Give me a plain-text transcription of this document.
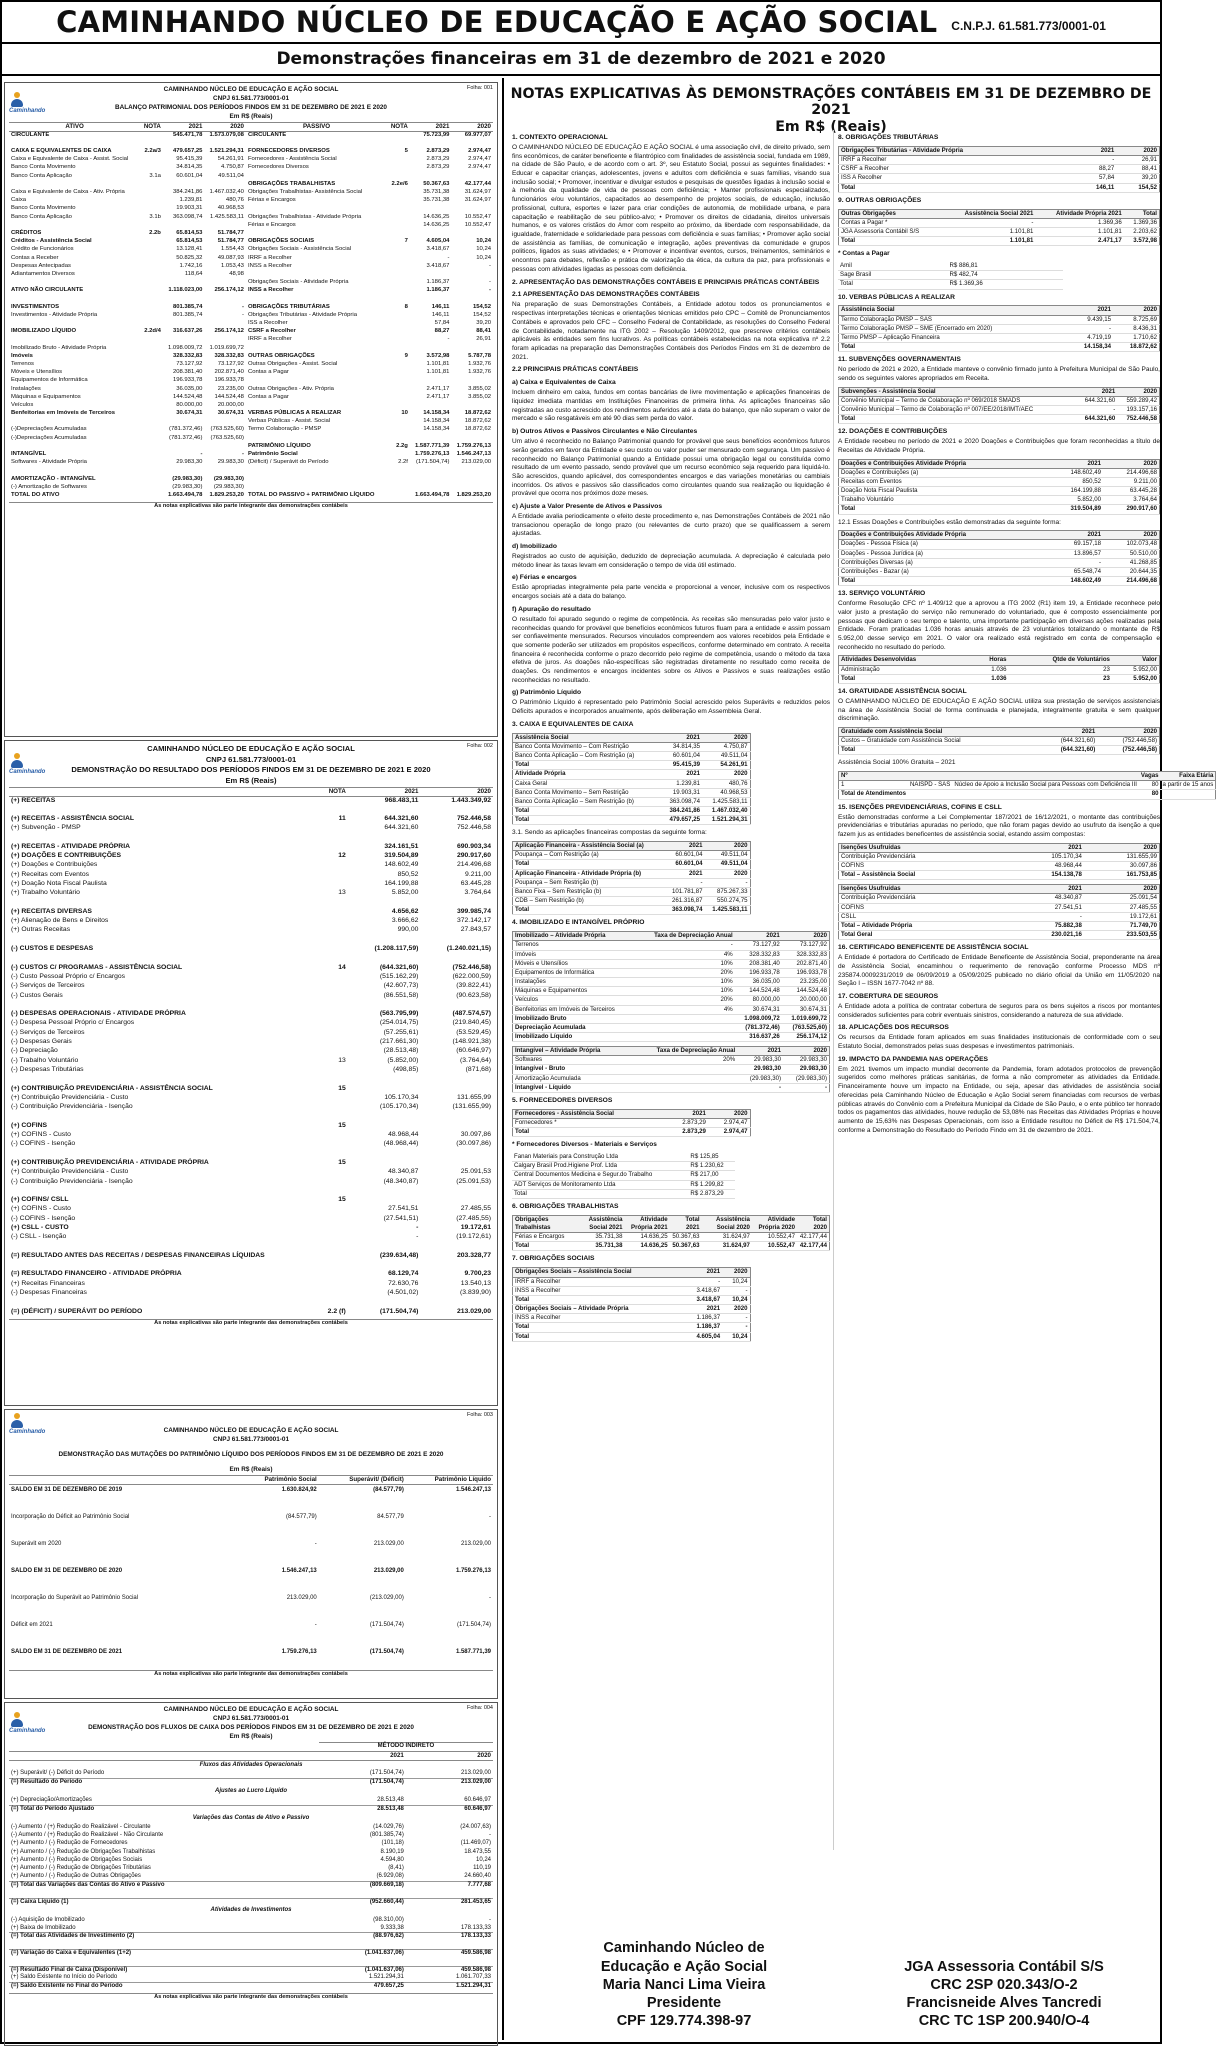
CAMINHANDO NÚCLEO DE EDUCAÇÃO E AÇÃO SOCIAL C.N.P.J. 61.581.773/0001-01
Demonstrações financeiras em 31 de dezembro de 2021 e 2020
Folha: 001
Caminhando
CAMINHANDO NÚCLEO DE EDUCAÇÃO E AÇÃO SOCIAL
CNPJ 61.581.773/0001-01
BALANÇO PATRIMONIAL DOS PERÍODOS FINDOS EM 31 DE DEZEMBRO DE 2021 E 2020
Em R$ (Reais)
ATIVO	NOTA	2021	2020	PASSIVO	NOTA	2021	2020
CIRCULANTE		545.471,78	1.573.079,08	CIRCULANTE		75.723,99	69.977,07

CAIXA E EQUIVALENTES DE CAIXA	2.2a/3	479.657,25	1.521.294,31	FORNECEDORES DIVERSOS	5	2.873,29	2.974,47
Caixa e Equivalente de Caixa - Assist. Social		95.415,39	54.261,91	Fornecedores - Assistência Social		2.873,29	2.974,47
Banco Conta Movimento		34.814,35	4.750,87	Fornecedores Diversos		2.873,29	2.974,47
Banco Conta Aplicação	3.1a	60.601,04	49.511,04				
				OBRIGAÇÕES TRABALHISTAS	2.2e/6	50.367,63	42.177,44
Caixa e Equivalente de Caixa - Ativ. Própria		384.241,86	1.467.032,40	Obrigações Trabalhistas- Assistência Social		35.731,38	31.624,97
Caixa		1.239,81	480,76	Férias e Encargos		35.731,38	31.624,97
Banco Conta Movimento		19.903,31	40.968,53				
Banco Conta Aplicação	3.1b	363.098,74	1.425.583,11	Obrigações Trabalhistas - Atividade Própria		14.636,25	10.552,47
				Férias e Encargos		14.636,25	10.552,47
CRÉDITOS	2.2b	65.814,53	51.784,77				
Créditos - Assistência Social		65.814,53	51.784,77	OBRIGAÇÕES SOCIAIS	7	4.605,04	10,24
Crédito de Funcionários		13.128,41	1.554,43	Obrigações Sociais - Assistência Social		3.418,67	10,24
Contas a Receber		50.825,32	49.087,93	IRRF a Recolher		-	10,24
Despesas Antecipadas		1.742,16	1.053,43	INSS a Recolher		3.418,67	-
Adiantamentos Diversos		118,64	48,98				
				Obrigações Sociais - Atividade Própria		1.186,37	-
ATIVO NÃO CIRCULANTE		1.118.023,00	256.174,12	INSS a Recolher		1.186,37	-

INVESTIMENTOS		801.385,74	-	OBRIGAÇÕES TRIBUTÁRIAS	8	146,11	154,52
Investimentos - Atividade Própria		801.385,74	-	Obrigações Tributárias - Atividade Própria		146,11	154,52
				ISS a Recolher		57,84	39,20
IMOBILIZADO LÍQUIDO	2.2d/4	316.637,26	256.174,12	CSRF a Recolher		88,27	88,41
				IRRF a Recolher		-	26,91
Imobilizado Bruto - Atividade Própria		1.098.009,72	1.019.699,72				
Imóveis		328.332,83	328.332,83	OUTRAS OBRIGAÇÕES	9	3.572,98	5.787,78
Terrenos		73.127,92	73.127,92	Outras Obrigações - Assist. Social		1.101,81	1.932,76
Móveis e Utensílios		208.381,40	202.871,40	Contas a Pagar		1.101,81	1.932,76
Equipamentos de Informática		196.933,78	196.933,78				
Instalações		36.035,00	23.235,00	Outras Obrigações - Ativ. Própria		2.471,17	3.855,02
Máquinas e Equipamentos		144.524,48	144.524,48	Contas a Pagar		2.471,17	3.855,02
Veículos		80.000,00	20.000,00				
Benfeitorias em Imóveis de Terceiros		30.674,31	30.674,31	VERBAS PÚBLICAS A REALIZAR	10	14.158,34	18.872,62
				Verbas Públicas - Assist. Social		14.158,34	18.872,62
(-)Depreciações Acumuladas		(781.372,46)	(763.525,60)	Termo Colaboração - PMSP		14.158,34	18.872,62
(-)Depreciações Acumuladas		(781.372,46)	(763.525,60)				
				PATRIMÔNIO LÍQUIDO	2.2g	1.587.771,39	1.759.276,13
INTANGÍVEL		-	-	Patrimônio Social		1.759.276,13	1.546.247,13
Softwares - Atividade Própria		29.983,30	29.983,30	(Déficit) / Superávit do Período	2.2f	(171.504,74)	213.029,00

AMORTIZAÇÃO - INTANGÍVEL		(29.983,30)	(29.983,30)				
(-) Amortização de Softwares		(29.983,30)	(29.983,30)				
TOTAL DO ATIVO		1.663.494,78	1.829.253,20	TOTAL DO PASSIVO + PATRIMÔNIO LÍQUIDO		1.663.494,78	1.829.253,20
As notas explicativas são parte integrante das demonstrações contábeis
Folha: 002
Caminhando
CAMINHANDO NÚCLEO DE EDUCAÇÃO E AÇÃO SOCIAL
CNPJ 61.581.773/0001-01
DEMONSTRAÇÃO DO RESULTADO DOS PERÍODOS FINDOS EM 31 DE DEZEMBRO DE 2021 E 2020
Em R$ (Reais)
	NOTA	2021	2020
(+) RECEITAS		968.483,11	1.443.349,92

(+) RECEITAS - ASSISTÊNCIA SOCIAL	11	644.321,60	752.446,58
(+) Subvenção - PMSP		644.321,60	752.446,58

(+) RECEITAS - ATIVIDADE PRÓPRIA		324.161,51	690.903,34
(+) DOAÇÕES E CONTRIBUIÇÕES	12	319.504,89	290.917,60
(+) Doações e Contribuições		148.602,49	214.496,68
(+) Receitas com Eventos		850,52	9.211,00
(+) Doação Nota Fiscal Paulista		164.199,88	63.445,28
(+) Trabalho Voluntário	13	5.852,00	3.764,64

(+) RECEITAS DIVERSAS		4.656,62	399.985,74
(+) Alienação de Bens e Direitos		3.666,62	372.142,17
(+) Outras Receitas		990,00	27.843,57

(-) CUSTOS E DESPESAS		(1.208.117,59)	(1.240.021,15)

(-) CUSTOS C/ PROGRAMAS - ASSISTÊNCIA SOCIAL	14	(644.321,60)	(752.446,58)
(-) Custo Pessoal Próprio c/ Encargos		(515.162,29)	(622.000,59)
(-) Serviços de Terceiros		(42.607,73)	(39.822,41)
(-) Custos Gerais		(86.551,58)	(90.623,58)

(-) DESPESAS OPERACIONAIS - ATIVIDADE PRÓPRIA		(563.795,99)	(487.574,57)
(-) Despesa Pessoal Próprio c/ Encargos		(254.014,75)	(219.840,45)
(-) Serviços de Terceiros		(57.255,61)	(53.529,45)
(-) Despesas Gerais		(217.661,30)	(148.921,38)
(-) Depreciação		(28.513,48)	(60.646,97)
(-) Trabalho Voluntário	13	(5.852,00)	(3.764,64)
(-) Despesas Tributárias		(498,85)	(871,68)

(+) CONTRIBUIÇÃO PREVIDENCIÁRIA - ASSISTÊNCIA SOCIAL	15		
(+) Contribuição Previdenciária - Custo		105.170,34	131.655,99
(-) Contribuição Previdenciária - Isenção		(105.170,34)	(131.655,99)

(+) COFINS	15		
(+) COFINS - Custo		48.968,44	30.097,86
(-) COFINS - Isenção		(48.968,44)	(30.097,86)

(+) CONTRIBUIÇÃO PREVIDENCIÁRIA - ATIVIDADE PRÓPRIA	15		
(+) Contribuição Previdenciária - Custo		48.340,87	25.091,53
(-) Contribuição Previdenciária - Isenção		(48.340,87)	(25.091,53)

(+) COFINS/ CSLL	15		
(+) COFINS - Custo		27.541,51	27.485,55
(-) COFINS - Isenção		(27.541,51)	(27.485,55)
(+) CSLL - CUSTO		-	19.172,61
(-) CSLL - Isenção		-	(19.172,61)

(=) RESULTADO ANTES DAS RECEITAS / DESPESAS FINANCEIRAS LÍQUIDAS		(239.634,48)	203.328,77

(=) RESULTADO FINANCEIRO - ATIVIDADE PRÓPRIA		68.129,74	9.700,23
(+) Receitas Financeiras		72.630,76	13.540,13
(-) Despesas Financeiras		(4.501,02)	(3.839,90)

(=) (DÉFICIT) / SUPERÁVIT DO PERÍODO	2.2 (f)	(171.504,74)	213.029,00
As notas explicativas são parte integrante das demonstrações contábeis
Folha: 003
Caminhando	CAMINHANDO NÚCLEO DE EDUCAÇÃO E AÇÃO SOCIAL
CNPJ 61.581.773/0001-01
DEMONSTRAÇÃO DAS MUTAÇÕES DO PATRIMÔNIO LÍQUIDO DOS PERÍODOS FINDOS EM 31 DE DEZEMBRO DE 2021 E 2020
Em R$ (Reais)
	Patrimônio Social	Superávit/ (Déficit)	Patrimônio Líquido
SALDO EM 31 DE DEZEMBRO DE 2019	1.630.824,92	(84.577,79)	1.546.247,13

Incorporação do Déficit ao Patrimônio Social	(84.577,79)	84.577,79	-

Superávit em 2020	-	213.029,00	213.029,00

SALDO EM 31 DE DEZEMBRO DE 2020	1.546.247,13	213.029,00	1.759.276,13

Incorporação do Superávit ao Patrimônio Social	213.029,00	(213.029,00)	-

Déficit em 2021	-	(171.504,74)	(171.504,74)

SALDO EM 31 DE DEZEMBRO DE 2021	1.759.276,13	(171.504,74)	1.587.771,39
As notas explicativas são parte integrante das demonstrações contábeis
Folha: 004
Caminhando
CAMINHANDO NÚCLEO DE EDUCAÇÃO E AÇÃO SOCIAL
CNPJ 61.581.773/0001-01
DEMONSTRAÇÃO DOS FLUXOS DE CAIXA DOS PERÍODOS FINDOS EM 31 DE DEZEMBRO DE 2021 E 2020
Em R$ (Reais)
	MÉTODO INDIRETO	
	2021	2020
Fluxos das Atividades Operacionais		
(+) Superávit/ (-) Déficit do Período	(171.504,74)	213.029,00
(=) Resultado do Período	(171.504,74)	213.029,00
Ajustes ao Lucro Líquido		
(+) Depreciação/Amortizações	28.513,48	60.646,97
(=) Total do Período Ajustado	28.513,48	60.646,97
Variações das Contas de Ativo e Passivo		
(-) Aumento / (+) Redução do Realizável - Circulante	(14.029,76)	(24.007,63)
(-) Aumento / (+) Redução do Realizável - Não Circulante	(801.385,74)	-
(+) Aumento / (-) Redução de Fornecedores	(101,18)	(11.469,07)
(+) Aumento / (-) Redução de Obrigações Trabalhistas	8.190,19	18.473,55
(+) Aumento / (-) Redução de Obrigações Sociais	4.594,80	10,24
(+) Aumento / (-) Redução de Obrigações Tributárias	(8,41)	110,19
(+) Aumento / (-) Redução de Outras Obrigações	(6.929,08)	24.660,40
(=) Total das Variações das Contas do Ativo e Passivo	(809.669,18)	7.777,68

(=) Caixa Líquido (1)	(952.660,44)	281.453,65
Atividades de Investimentos		
(-) Aquisição de Imobilizado	(98.310,00)	-
(+) Baixa de Imobilizado	9.333,38	178.133,33
(=) Total das Atividades de Investimento (2)	(88.976,62)	178.133,33

(=) Variação do Caixa e Equivalentes (1+2)	(1.041.637,06)	459.586,98

(=) Resultado Final de Caixa (Disponível)	(1.041.637,06)	459.586,98
(+) Saldo Existente no Início do Período	1.521.294,31	1.061.707,33
(=) Saldo Existente no Final do Período	479.657,25	1.521.294,31
As notas explicativas são parte integrante das demonstrações contábeis
NOTAS EXPLICATIVAS ÀS DEMONSTRAÇÕES CONTÁBEIS EM 31 DE DEZEMBRO DE 2021
Em R$ (Reais)
1. CONTEXTO OPERACIONAL

O CAMINHANDO NÚCLEO DE EDUCAÇÃO E AÇÃO SOCIAL é uma associação civil, de direito privado, sem fins econômicos, de caráter beneficente e filantrópico com finalidades de assistência social, fundada em 1989, na cidade de São Paulo, e de acordo com o art. 3º, seu Estatuto Social, possui as seguintes finalidades: • Educar e capacitar crianças, adolescentes, jovens e adultos com deficiência e suas famílias, visando sua inclusão social; • Promover, incentivar e divulgar estudos e pesquisas de questões ligadas à inclusão social e à melhoria da qualidade de vida de pessoas com deficiência; • Manter profissionais especializados, funcionários e/ou voluntários, capacitados ao desempenho de projetos sociais, de educação, inclusão profissional, cultura, esportes e lazer para criar condições de autonomia, de mobilidade urbana, e para capacitação e reabilitação de seu público-alvo; • Promover os direitos de cidadania, direitos universais humanos, e os valores cristãos do Amor com respeito ao próximo, da liberdade com responsabilidade, da igualdade, fraternidade e solidariedade para pessoas com deficiência e suas famílias; • Promover ação social de assistência as famílias, de comunicação e integração, ações preventivas da comunidade e grupos politicos, ligados as suas atividades; e • Promover e incentivar eventos, cursos, treinamentos, seminários e encontros para debates, reflexão e prática de valorização da ética, da cultura da paz, para profissionais e pessoas com atividades ligadas as pessoas com deficiência.

2. APRESENTAÇÃO DAS DEMONSTRAÇÕES CONTÁBEIS E PRINCIPAIS PRÁTICAS CONTÁBEIS
2.1 APRESENTAÇÃO DAS DEMONSTRAÇÕES CONTÁBEIS

Na preparação de suas Demonstrações Contábeis, a Entidade adotou todos os pronunciamentos e respectivas interpretações técnicas e orientações técnicas emitidos pelo CPC – Comitê de Pronunciamentos Contábeis e aprovados pelo CFC – Conselho Federal de Contabilidade, as resoluções do Conselho Federal de Contabilidade, notadamente na ITG 2002 – Resolução 1409/2012, que prescreve critérios contábeis aplicáveis às entidades sem fins lucrativos. As políticas contábeis estabelecidas na nota explicativa nº 2.2 foram aplicadas na preparação das Demonstrações Contábeis dos Períodos Findos em 31 de dezembro de 2021.

2.2 PRINCIPAIS PRÁTICAS CONTÁBEIS
a) Caixa e Equivalentes de Caixa

Incluem dinheiro em caixa, fundos em contas bancárias de livre movimentação e aplicações financeiras de liquidez imediata mantidas em Instituições Financeiras de primeira linha. As aplicações financeiras são registradas ao custo acrescido dos rendimentos auferidos até a data do balanço, que não superam o valor de mercado e são resgatáveis em até 90 dias sem perda do valor.

b) Outros Ativos e Passivos Circulantes e Não Circulantes

Um ativo é reconhecido no Balanço Patrimonial quando for provável que seus benefícios econômicos futuros serão gerados em favor da Entidade e seu custo ou valor puder ser mensurado com segurança. Um passivo é reconhecido no Balanço Patrimonial quando a Entidade possui uma obrigação legal ou constituída como resultado de um evento passado, sendo provável que um recurso econômico seja requerido para liquidá-lo. São acrescidos, quando aplicável, dos correspondentes encargos e das variações monetárias ou cambiais incorridos. Os ativos e passivos são classificados como circulantes quando sua realização ou liquidação é provável que ocorra nos próximos doze meses.

c) Ajuste a Valor Presente de Ativos e Passivos

A Entidade avalia periodicamente o efeito deste procedimento e, nas Demonstrações Contábeis de 2021 não transacionou operação de longo prazo (ou relevantes de curto prazo) que se qualificassem a serem ajustadas.

d) Imobilizado

Registrados ao custo de aquisição, deduzido de depreciação acumulada. A depreciação é calculada pelo método linear às taxas levam em consideração o tempo de vida útil estimado.

e) Férias e encargos

Estão apropriadas integralmente pela parte vencida e proporcional a vencer, inclusive com os respectivos encargos sociais até a data do balanço.

f) Apuração do resultado

O resultado foi apurado segundo o regime de competência. As receitas são mensuradas pelo valor justo e reconhecidas quando for provável que benefícios econômicos futuros fluam para a entidade e assim possam ser confiavelmente mensurados. Recursos vinculados compreendem aos valores recebidos pela Entidade e que somente poderão ser utilizados em propósitos específicos, conforme determinado em contrato. A receita financeira é reconhecida conforme o prazo decorrido pelo regime de competência, usando o método da taxa efetiva de juros. As doações não-específicas são registradas diretamente no resultado como receita de doações. Os rendimentos e encargos incidentes sobre os Ativos e Passivos e suas realizações estão reconhecidas no resultado.

g) Patrimônio Líquido

O Patrimônio Líquido é representado pelo Patrimônio Social acrescido pelos Superávits e reduzidos pelos Déficits apurados e incorporados anualmente, após deliberação em Assembleia Geral.

3. CAIXA E EQUIVALENTES DE CAIXA
Assistência Social	2021	2020
Banco Conta Movimento – Com Restrição	34.814,35	4.750,87
Banco Conta Aplicação – Com Restrição (a)	60.601,04	49.511,04
Total	95.415,39	54.261,91
Atividade Própria	2021	2020
Caixa Geral	1.239,81	480,76
Banco Conta Movimento – Sem Restrição	19.903,31	40.968,53
Banco Conta Aplicação – Sem Restrição (b)	363.098,74	1.425.583,11
Total	384.241,86	1.467.032,40
Total	479.657,25	1.521.294,31

3.1. Sendo as aplicações financeiras compostas da seguinte forma:

Aplicação Financeira - Assistência Social (a)	2021	2020
Poupança – Com Restrição (a)	60.601,04	49.511,04
Total	60.601,04	49.511,04
Aplicação Financeira - Atividade Própria (b)	2021	2020
Poupança – Sem Restrição (b)	-	-
Banco Fixa – Sem Restrição (b)	101.781,87	875.267,33
CDB – Sem Restrição (b)	261.316,87	550.274,75
Total	363.098,74	1.425.583,11
4. IMOBILIZADO E INTANGÍVEL PRÓPRIO
Imobilizado – Atividade Própria	Taxa de Depreciação Anual	2021	2020
Terrenos	-	73.127,92	73.127,92
Imóveis	4%	328.332,83	328.332,83
Móveis e Utensílios	10%	208.381,40	202.871,40
Equipamentos de Informática	20%	196.933,78	196.933,78
Instalações	10%	36.035,00	23.235,00
Máquinas e Equipamentos	10%	144.524,48	144.524,48
Veículos	20%	80.000,00	20.000,00
Benfeitorias em Imóveis de Terceiros	4%	30.674,31	30.674,31
Imobilizado Bruto		1.098.009,72	1.019.699,72
Depreciação Acumulada		(781.372,46)	(763.525,60)
Imobilizado Líquido		316.637,26	256.174,12
Intangível – Atividade Própria	Taxa de Depreciação Anual	2021	2020
Softwares	20%	29.983,30	29.983,30
Intangível - Bruto		29.983,30	29.983,30
Amortização Acumulada		(29.983,30)	(29.983,30)
Intangível - Líquido		-	-
5. FORNECEDORES DIVERSOS
Fornecedores - Assistência Social	2021	2020
Fornecedores *	2.873,29	2.974,47
Total	2.873,29	2.974,47
* Fornecedores Diversos - Materiais e Serviços
Fanan Materiais para Construção Ltda	R$ 125,85
Calgary Brasil Prod.Higiene Prof. Ltda	R$ 1.230,62
Central Documentos Medicina e Segur.do Trabalho	R$ 217,00
ADT Serviços de Monitoramento Ltda	R$ 1.299,82
Total	R$ 2.873,29
6. OBRIGAÇÕES TRABALHISTAS
Obrigações Trabalhistas	Assistência Social 2021	Atividade Própria 2021	Total 2021	Assistência Social 2020	Atividade Própria 2020	Total 2020
Férias e Encargos	35.731,38	14.636,25	50.367,63	31.624,97	10.552,47	42.177,44
Total	35.731,38	14.636,25	50.367,63	31.624,97	10.552,47	42.177,44
7. OBRIGAÇÕES SOCIAIS
Obrigações Sociais – Assistência Social	2021	2020
IRRF a Recolher	-	10,24
INSS a Recolher	3.418,67	-
Total	3.418,67	10,24
Obrigações Sociais – Atividade Própria	2021	2020
INSS a Recolher	1.186,37	-
Total	1.186,37	-
Total	4.605,04	10,24
8. OBRIGAÇÕES TRIBUTÁRIAS
Obrigações Tributárias - Atividade Própria	2021	2020
IRRF a Recolher	-	26,91
CSRF a Recolher	88,27	88,41
ISS A Recolher	57,84	39,20
Total	146,11	154,52
9. OUTRAS OBRIGAÇÕES
Outras Obrigações	Assistência Social 2021	Atividade Própria 2021	Total
Contas a Pagar *	-	1.369,36	1.369,36
JGA Assessoria Contábil S/S	1.101,81	1.101,81	2.203,62
Total	1.101,81	2.471,17	3.572,98
* Contas a Pagar
Amil	R$ 886,81
Sage Brasil	R$ 482,74
Total	R$ 1.369,36
10. VERBAS PÚBLICAS A REALIZAR
Assistência Social	2021	2020
Termo Colaboração PMSP – SAS	9.439,15	8.725,69
Termo Colaboração PMSP – SME (Encerrado em 2020)	-	8.436,31
Termo PMSP – Aplicação Financeira	4.719,19	1.710,62
Total	14.158,34	18.872,62
11. SUBVENÇÕES GOVERNAMENTAIS

No período de 2021 e 2020, a Entidade manteve o convênio firmado junto à Prefeitura Municipal de São Paulo, sendo os seguintes valores apropriados em Receita.

Subvenções - Assistência Social	2021	2020
Convênio Municipal – Termo de Colaboração nº 069/2018 SMADS	644.321,60	559.289,42
Convênio Municipal – Termo de Colaboração nº 007/EE/2018/IMT/AEC	-	193.157,16
Total	644.321,60	752.446,58
12. DOAÇÕES E CONTRIBUIÇÕES

A Entidade recebeu no período de 2021 e 2020 Doações e Contribuições que foram reconhecidas a título de Receitas de Atividade Própria.

Doações e Contribuições Atividade Própria	2021	2020
Doações e Contribuições (a)	148.602,49	214.496,68
Receitas com Eventos	850,52	9.211,00
Doação Nota Fiscal Paulista	164.199,88	63.445,28
Trabalho Voluntário	5.852,00	3.764,64
Total	319.504,89	290.917,60

12.1 Essas Doações e Contribuições estão demonstradas da seguinte forma:

Doações e Contribuições Atividade Própria	2021	2020
Doações - Pessoa Física (a)	69.157,18	102.073,48
Doações - Pessoa Jurídica (a)	13.896,57	50.510,00
Contribuições Diversas (a)	-	41.268,85
Contribuições - Bazar (a)	65.548,74	20.644,35
Total	148.602,49	214.496,68
13. SERVIÇO VOLUNTÁRIO

Conforme Resolução CFC nº 1.409/12 que a aprovou a ITG 2002 (R1) item 19, a Entidade reconhece pelo valor justo a prestação do serviço não remunerado do voluntariado, que é composto essencialmente por pessoas que dedicam o seu tempo e talento, uma importante participação em diversas ações realizadas pela Entidade. Foram praticadas 1.036 horas anuais através de 23 voluntários totalizando o montante de R$ 5.952,00 desse serviço em 2021. O valor ora realizado está registrado em conta de compensação e reconhecido no resultado do período.

Atividades Desenvolvidas	Horas	Qtde de Voluntários	Valor
Administração	1.036	23	5.952,00
Total	1.036	23	5.952,00
14. GRATUIDADE ASSISTÊNCIA SOCIAL

O CAMINHANDO NÚCLEO DE EDUCAÇÃO E AÇÃO SOCIAL utiliza sua prestação de serviços assistenciais na área de Assistência Social de forma continuada e planejada, integralmente gratuita e sem qualquer discriminação.

Gratuidade com Assistência Social	2021	2020
Custos – Gratuidade com Assistência Social	(644.321,60)	(752.446,58)
Total	(644.321,60)	(752.446,58)

Assistência Social 100% Gratuita – 2021

Nº			Vagas	Faixa Etária
1	NAISPD - SAS	Núcleo de Apoio a Inclusão Social para Pessoas com Deficiência III	80	a partir de 15 anos
Total de Atendimentos			80	
15. ISENÇÕES PREVIDENCIÁRIAS, COFINS E CSLL

Estão demonstradas conforme a Lei Complementar 187/2021 de 16/12/2021, o montante das contribuições previdenciárias e tributárias apuradas no período, que não foram pagas devido ao usufruto da isenção a que fazem jus as entidades beneficentes de assistência social, estando assim compostas:

Isenções Usufruídas	2021	2020
Contribuição Previdenciária	105.170,34	131.655,99
COFINS	48.968,44	30.097,86
Total – Assistência Social	154.138,78	161.753,85
Isenções Usufruídas	2021	2020
Contribuição Previdenciária	48.340,87	25.091,54
COFINS	27.541,51	27.485,55
CSLL	-	19.172,61
Total – Atividade Própria	75.882,38	71.749,70
Total Geral	230.021,16	233.503,55
16. CERTIFICADO BENEFICENTE DE ASSISTÊNCIA SOCIAL

A Entidade é portadora do Certificado de Entidade Beneficente de Assistência Social, preponderante na área de Assistência Social, encaminhou o requerimento de renovação conforme Processo MDS nº 235874.0009231/2019 de 06/09/2019 a 05/09/2025 publicado no diário oficial da União em 11/05/2020 na Seção I – ISSN 1677-7042 nº 88.

17. COBERTURA DE SEGUROS

A Entidade adota a política de contratar cobertura de seguros para os bens sujeitos a riscos por montantes considerados suficientes para cobrir eventuais sinistros, considerando a natureza de sua atividade.

18. APLICAÇÕES DOS RECURSOS

Os recursos da Entidade foram aplicados em suas finalidades institucionais de conformidade com o seu Estatuto Social, demonstrados pelas suas despesas e investimentos patrimoniais.

19. IMPACTO DA PANDEMIA NAS OPERAÇÕES

Em 2021 tivemos um impacto mundial decorrente da Pandemia, foram adotados protocolos de prevenção sugeridos como melhores práticas sanitárias, de forma a não comprometer as atividades da Entidade. Financeiramente houve um impacto na Entidade, ou seja, apesar das atividades de assistência social oferecidas pela Caminhando Núcleo de Educação e Ação Social serem financiadas com recursos de verbas públicas através do Convênio com a Prefeitura Municipal da Cidade de São Paulo, e o ente público ter honrado todos os pagamentos das atividades, houve redução de 53,08% nas Receitas das Atividades Próprias e houve aumento de 15,63% nas Despesas Operacionais, com isso a Entidade resultou no Déficit de R$ 171.504,74, conforme a Demonstração do Resultado do Período Findo em 31 de dezembro de 2021.

Caminhando Núcleo de
Educação e Ação Social
Maria Nanci Lima Vieira
Presidente
CPF 129.774.398-97
JGA Assessoria Contábil S/S
CRC 2SP 020.343/O-2
Francisneide Alves Tancredi
CRC TC 1SP 200.940/O-4
